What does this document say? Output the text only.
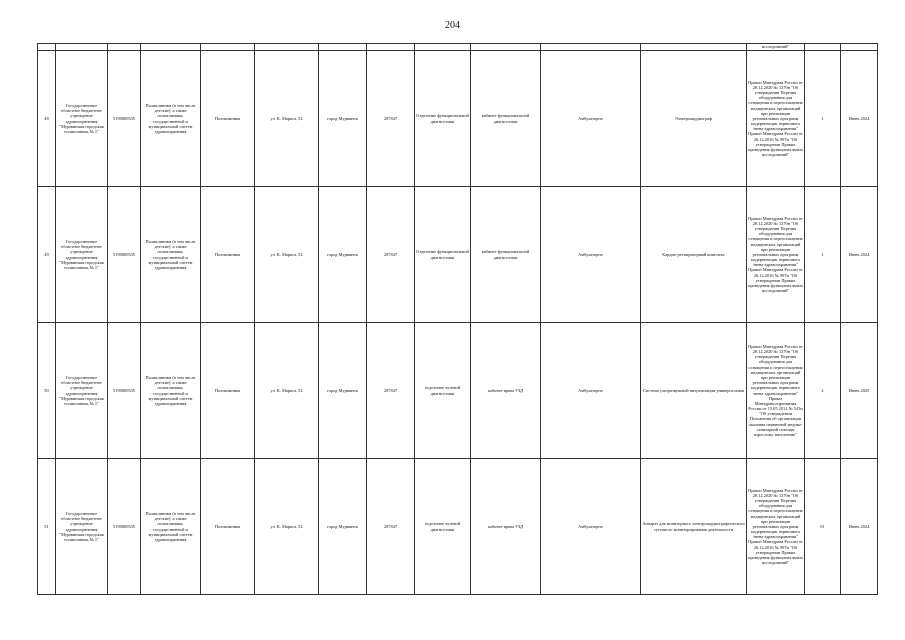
204
												исследований"		
48	Государственное областное бюджетное учреждение здравоохранения "Мурманская городская поликлиника № 1"	5190069335	Поликлиники (в том числе детские), а также поликлиники, государственной и муниципальной систем здравоохранения	Поликлиника	ул. К. Маркса, 52	город Мурманск	287847	Отделение функциональной диагностики	кабинет функциональной диагностики	Амбулаторно	Электрокардиограф	Приказ Минздрава России от 28.12.2020 № 1379н "Об утверждении Перечня оборудования для оснащения и переоснащения медицинских организаций при реализации региональных программ модернизации первичного звена здравоохранения" Приказ Минздрава России от 26.12.2016 № 997н "Об утверждении Правил проведения функциональных исследований"	1	Июнь 2024
49	Государственное областное бюджетное учреждение здравоохранения "Мурманская городская поликлиника № 1"	5190069335	Поликлиники (в том числе детские), а также поликлиники, государственной и муниципальной систем здравоохранения	Поликлиника	ул. К. Маркса, 52	город Мурманск	287847	Отделение функциональной диагностики	кабинет функциональной диагностики	Амбулаторно	Кардио-респираторный комплекс	Приказ Минздрава России от 28.12.2020 № 1379н "Об утверждении Перечня оборудования для оснащения и переоснащения медицинских организаций при реализации региональных программ модернизации первичного звена здравоохранения" Приказ Минздрава России от 26.12.2016 № 997н "Об утверждении Правил проведения функциональных исследований"	1	Июнь 2024
50	Государственное областное бюджетное учреждение здравоохранения "Мурманская городская поликлиника № 1"	5190069335	Поликлиники (в том числе детские), а также поликлиники, государственной и муниципальной систем здравоохранения	Поликлиника	ул. К. Маркса, 52	город Мурманск	287847	отделение лучевой диагностики	кабинет врача УЗД	Амбулаторно	Система ультразвуковой визуализации универсальная	Приказ Минздрава России от 28.12.2020 № 1379н "Об утверждении Перечня оборудования для оснащения и переоснащения медицинских организаций при реализации региональных программ модернизации первичного звена здравоохранения" Приказ Минздравсоцразвития России от 15.05.2012 № 543н "Об утверждении Положения об организации оказания первичной медико-санитарной помощи взрослому населению"	2	Июнь 2025
51	Государственное областное бюджетное учреждение здравоохранения "Мурманская городская поликлиника № 1"	5190069335	Поликлиники (в том числе детские), а также поликлиники, государственной и муниципальной систем здравоохранения	Поликлиника	ул. К. Маркса, 52	город Мурманск	287847	отделение лучевой диагностики	кабинет врача УЗД	Амбулаторно	Аппарат для мониторного электрокардиографического суточного мониторирования деятельности	Приказ Минздрава России от 28.12.2020 № 1379н "Об утверждении Перечня оборудования для оснащения и переоснащения медицинских организаций при реализации региональных программ модернизации первичного звена здравоохранения" Приказ Минздрава России от 26.12.2016 № 997н "Об утверждении Правил проведения функциональных исследований"	01	Июнь 2024
